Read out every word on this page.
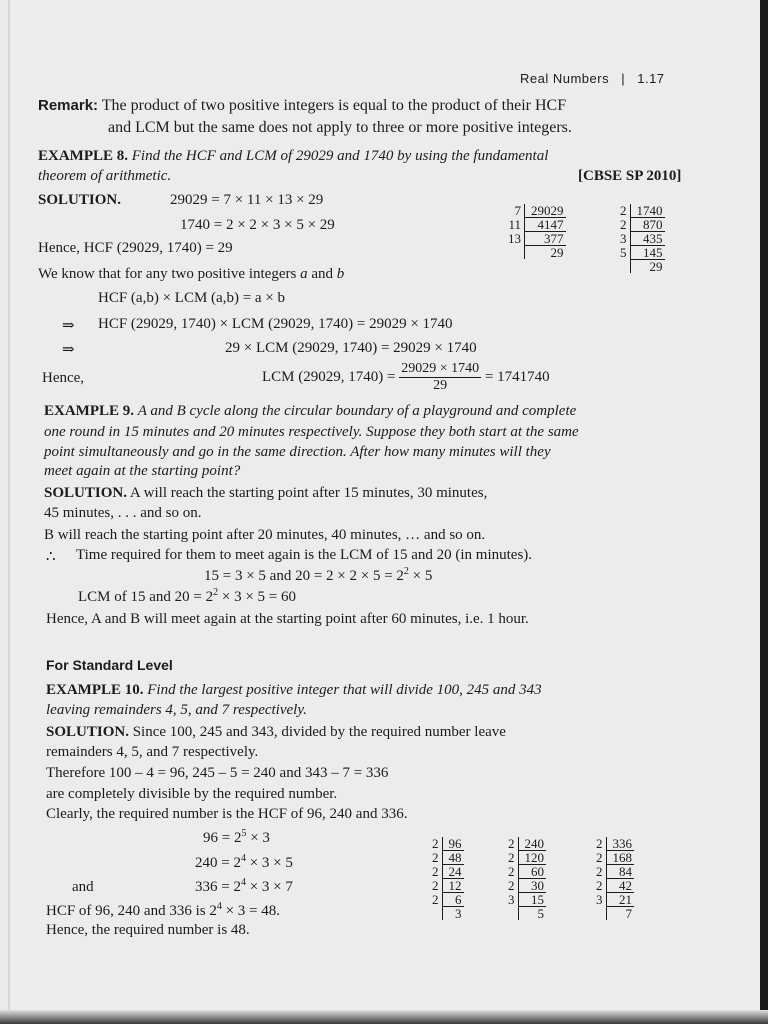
Real Numbers | 1.17
Remark: The product of two positive integers is equal to the product of their HCF
and LCM but the same does not apply to three or more positive integers.
EXAMPLE 8. Find the HCF and LCM of 29029 and 1740 by using the fundamental
theorem of arithmetic.	[CBSE SP 2010]
SOLUTION.	29029 = 7 × 11 × 13 × 29
1740 = 2 × 2 × 3 × 5 × 29
Hence, HCF (29029, 1740) = 29
We know that for any two positive integers a and b
HCF (a,b) × LCM (a,b) = a × b
⇒ HCF (29029, 1740) × LCM (29029, 1740) = 29029 × 1740
⇒	29 × LCM (29029, 1740) = 29029 × 1740
Hence,	LCM (29029, $1740) = \frac{29029 \times 1740}{29} = 1741740$
7	29029
11	4147
13	377
	29
2	1740
2	870
3	435
5	145
	29
EXAMPLE 9. A and B cycle along the circular boundary of a playground and complete
one round in 15 minutes and 20 minutes respectively. Suppose they both start at the same
point simultaneously and go in the same direction. After how many minutes will they
meet again at the starting point?
SOLUTION. A will reach the starting point after 15 minutes, 30 minutes,
45 minutes, . . . and so on.
B will reach the starting point after 20 minutes, 40 minutes, … and so on.
∴ Time required for them to meet again is the LCM of 15 and 20 (in minutes).
15 = 3 × 5 and $20 = 2 \times 2 \times 5 = 2^2 \times 5$
LCM of 15 and $20 = 2^2 \times 3 \times 5 = 60$
Hence, A and B will meet again at the starting point after 60 minutes, i.e. 1 hour.
For Standard Level
EXAMPLE 10. Find the largest positive integer that will divide 100, 245 and 343
leaving remainders 4, 5, and 7 respectively.
SOLUTION. Since 100, 245 and 343, divided by the required number leave
remainders 4, 5, and 7 respectively.
Therefore 100 – 4 = 96, 245 – 5 = 240 and 343 – 7 = 336
are completely divisible by the required number.
Clearly, the required number is the HCF of 96, 240 and 336.
$96 = 2^5 \times 3$
$240 = 2^4 \times 3 \times 5$
and	$336 = 2^4 \times 3 \times 7$
HCF of 96, 240 and 336 is $2^4 \times 3 = 48$.
Hence, the required number is 48.
2	96
2	48
2	24
2	12
2	6
	3
2	240
2	120
2	60
2	30
3	15
	5
2	336
2	168
2	84
2	42
3	21
	7
